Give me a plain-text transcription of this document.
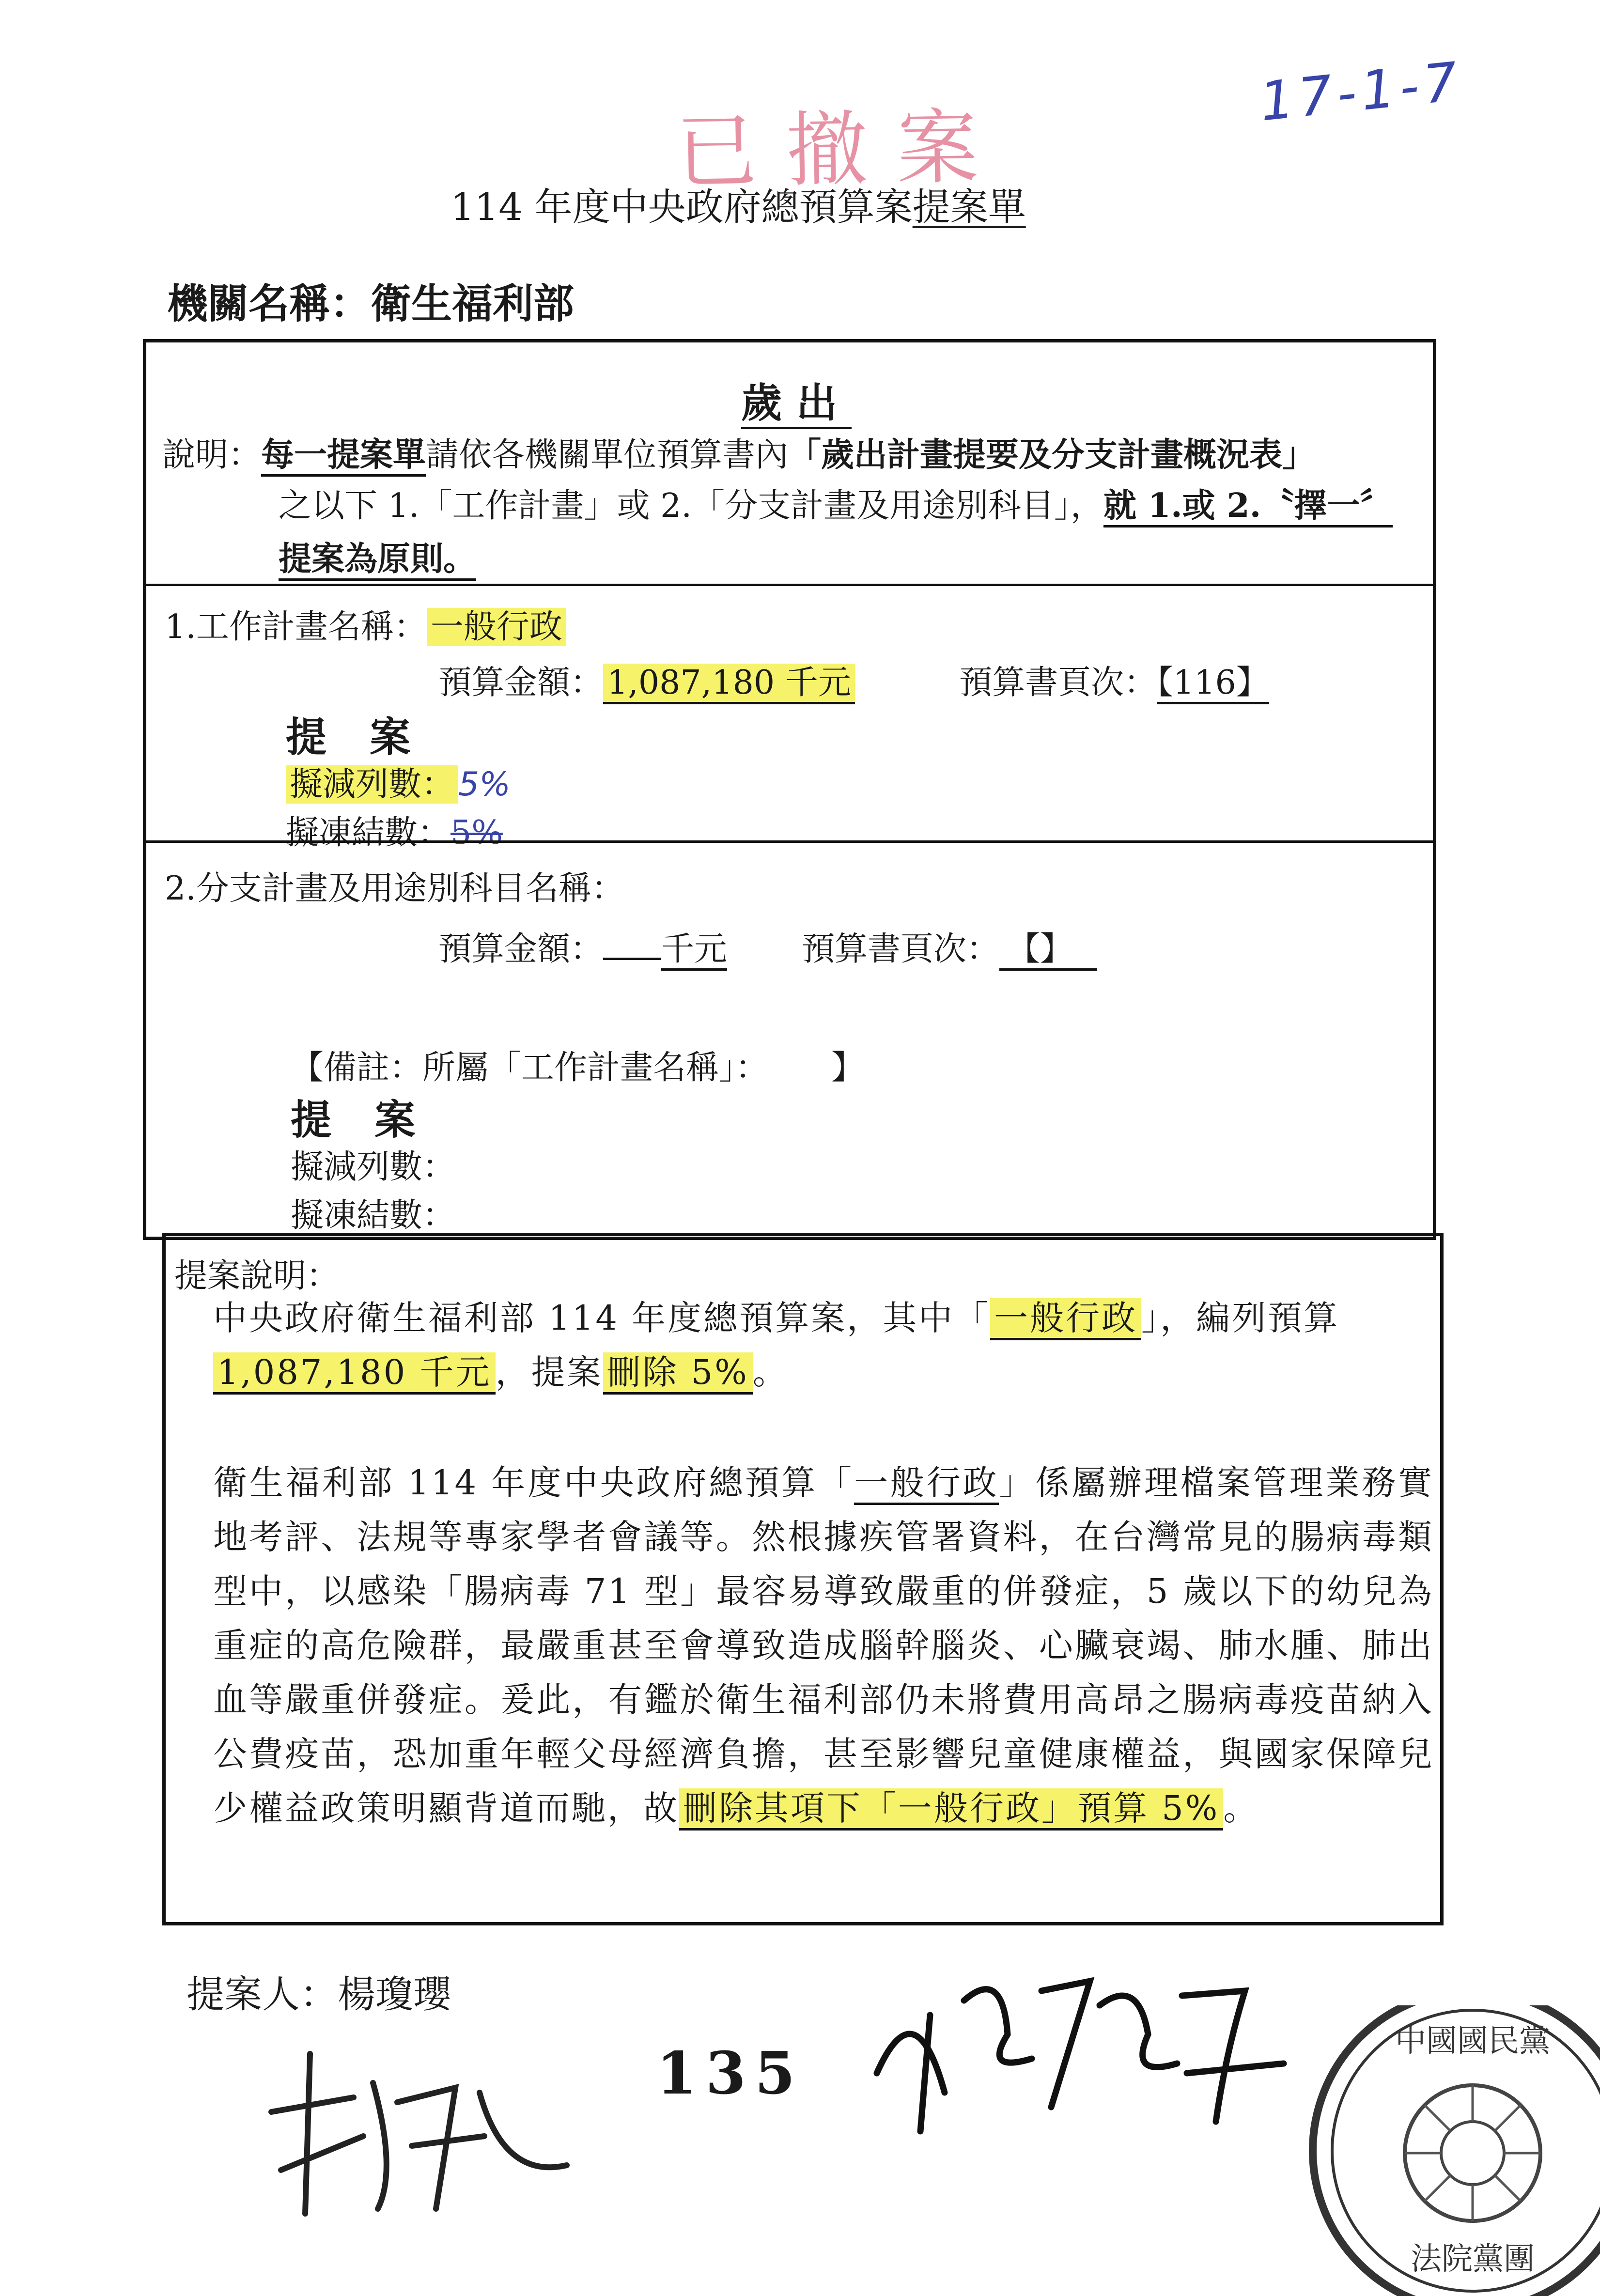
已撤案
17-1-7
114 年度中央政府總預算案提案單
機關名稱：衛生福利部
歲出
說明：每一提案單請依各機關單位預算書內「歲出計畫提要及分支計畫概況表」
之以下 1.「工作計畫」或 2.「分支計畫及用途別科目」，就 1.或 2.〝擇一〞
提案為原則。
1.工作計畫名稱： 一般行政
預算金額： 1,087,180 千元	預算書頁次：【116】
提 案
擬減列數： 5%
擬凍結數：5%
2.分支計畫及用途別科目名稱：
預算金額： 千元 預算書頁次： 【】
【備註：所屬「工作計畫名稱」： 】
提 案
擬減列數：
擬凍結數：
提案說明：
中央政府衛生福利部 114 年度總預算案，其中「 一般行政 」，編列預算
1,087,180 千元 ，提案 刪除 5% 。
衛生福利部 114 年度中央政府總預算「一般行政」係屬辦理檔案管理業務實地考評、法規等專家學者會議等。然根據疾管署資料，在台灣常見的腸病毒類型中，以感染「腸病毒 71 型」最容易導致嚴重的併發症，5 歲以下的幼兒為重症的高危險群，最嚴重甚至會導致造成腦幹腦炎、心臟衰竭、肺水腫、肺出血等嚴重併發症。爰此，有鑑於衛生福利部仍未將費用高昂之腸病毒疫苗納入公費疫苗，恐加重年輕父母經濟負擔，甚至影響兒童健康權益，與國家保障兒少權益政策明顯背道而馳，故 刪除其項下「一般行政」預算 5% 。
提案人：楊瓊瓔
135	中國國民黨
法院黨團
